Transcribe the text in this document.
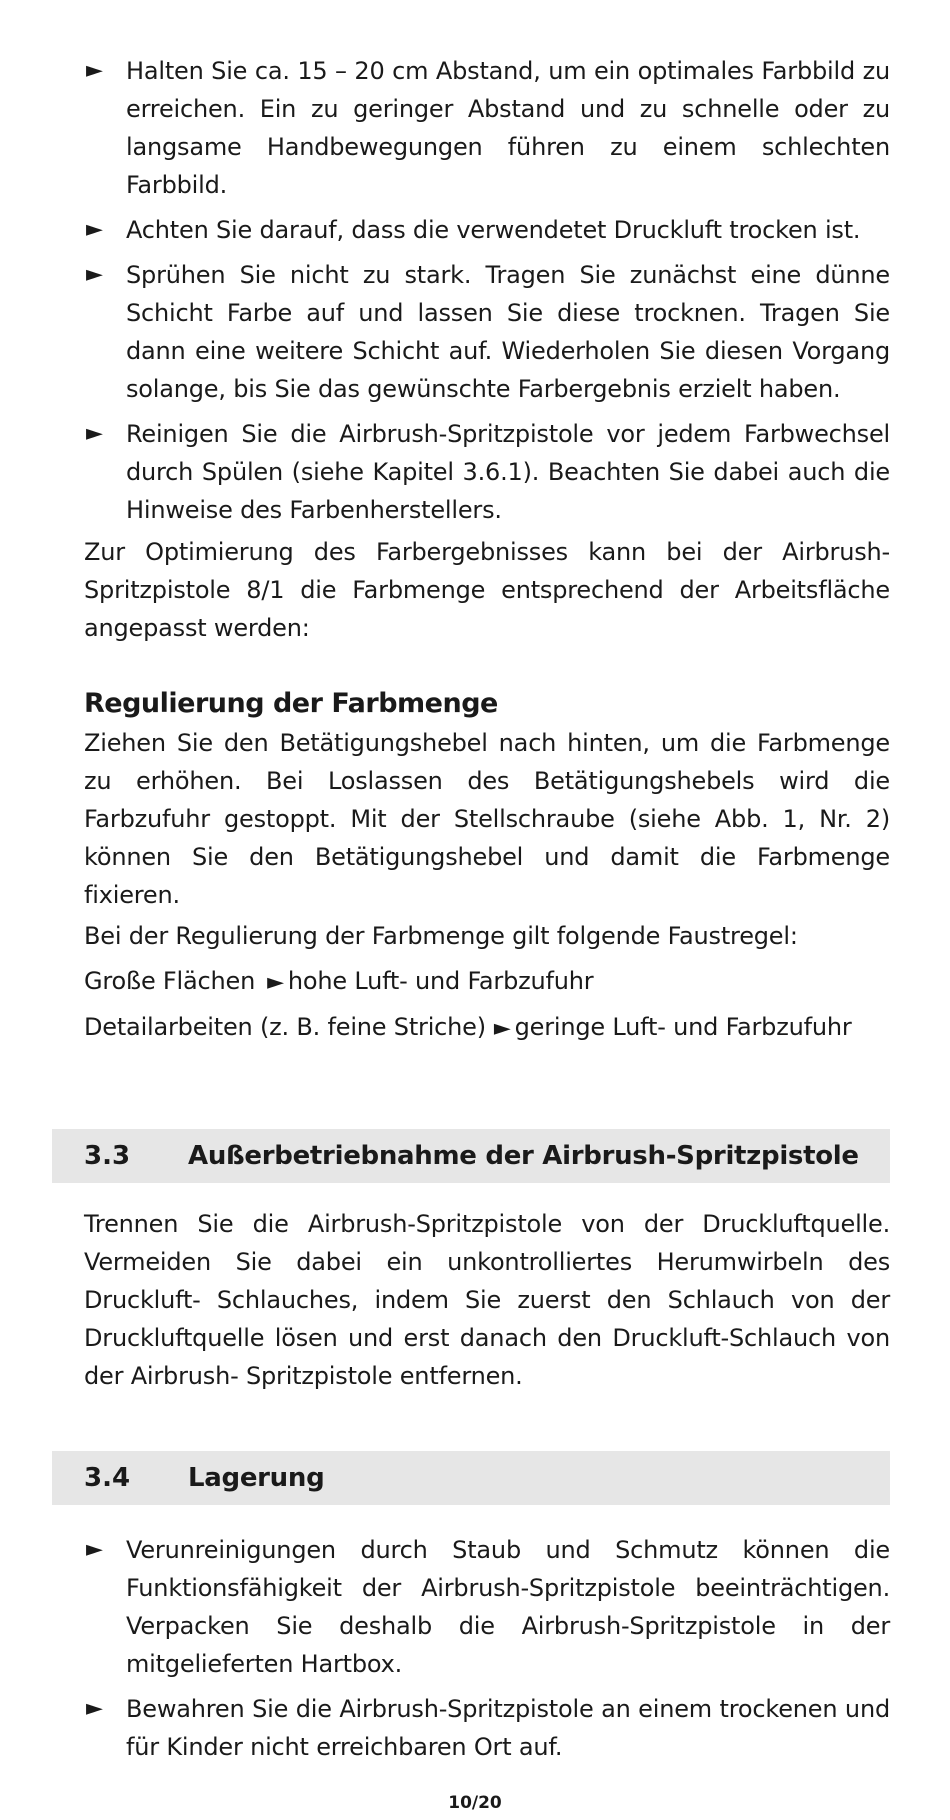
► Halten Sie ca. 15 – 20 cm Abstand, um ein optimales Farbbild zu erreichen. Ein zu geringer Abstand und zu schnelle oder zu langsame Handbewegungen führen zu einem schlechten Farbbild.
► Achten Sie darauf, dass die verwendetet Druckluft trocken ist.
► Sprühen Sie nicht zu stark. Tragen Sie zunächst eine dünne Schicht Farbe auf und lassen Sie diese trocknen. Tragen Sie dann eine weitere Schicht auf. Wiederholen Sie diesen Vorgang solange, bis Sie das gewünschte Farbergebnis erzielt haben.
► Reinigen Sie die Airbrush-Spritzpistole vor jedem Farbwechsel durch Spülen (siehe Kapitel 3.6.1). Beachten Sie dabei auch die Hinweise des Farbenherstellers.

Zur Optimierung des Farbergebnisses kann bei der Airbrush-Spritzpistole 8/1 die Farbmenge entsprechend der Arbeitsfläche angepasst werden:

Regulierung der Farbmenge

Ziehen Sie den Betätigungshebel nach hinten, um die Farbmenge zu erhöhen. Bei Loslassen des Betätigungshebels wird die Farbzufuhr gestoppt. Mit der Stellschraube (siehe Abb. 1, Nr. 2) können Sie den Betätigungshebel und damit die Farbmenge fixieren.

Bei der Regulierung der Farbmenge gilt folgende Faustregel:
Große Flächen ► hohe Luft- und Farbzufuhr
Detailarbeiten (z. B. feine Striche) ► geringe Luft- und Farbzufuhr
3.3 Außerbetriebnahme der Airbrush-Spritzpistole

Trennen Sie die Airbrush-Spritzpistole von der Druckluftquelle. Vermeiden Sie dabei ein unkontrolliertes Herumwirbeln des Druckluft- Schlauches, indem Sie zuerst den Schlauch von der Druckluftquelle lösen und erst danach den Druckluft-Schlauch von der Airbrush- Spritzpistole entfernen.

3.4 Lagerung
► Verunreinigungen durch Staub und Schmutz können die Funktionsfähigkeit der Airbrush-Spritzpistole beeinträchtigen. Verpacken Sie deshalb die Airbrush-Spritzpistole in der mitgelieferten Hartbox.
► Bewahren Sie die Airbrush-Spritzpistole an einem trockenen und für Kinder nicht erreichbaren Ort auf.
10/20
